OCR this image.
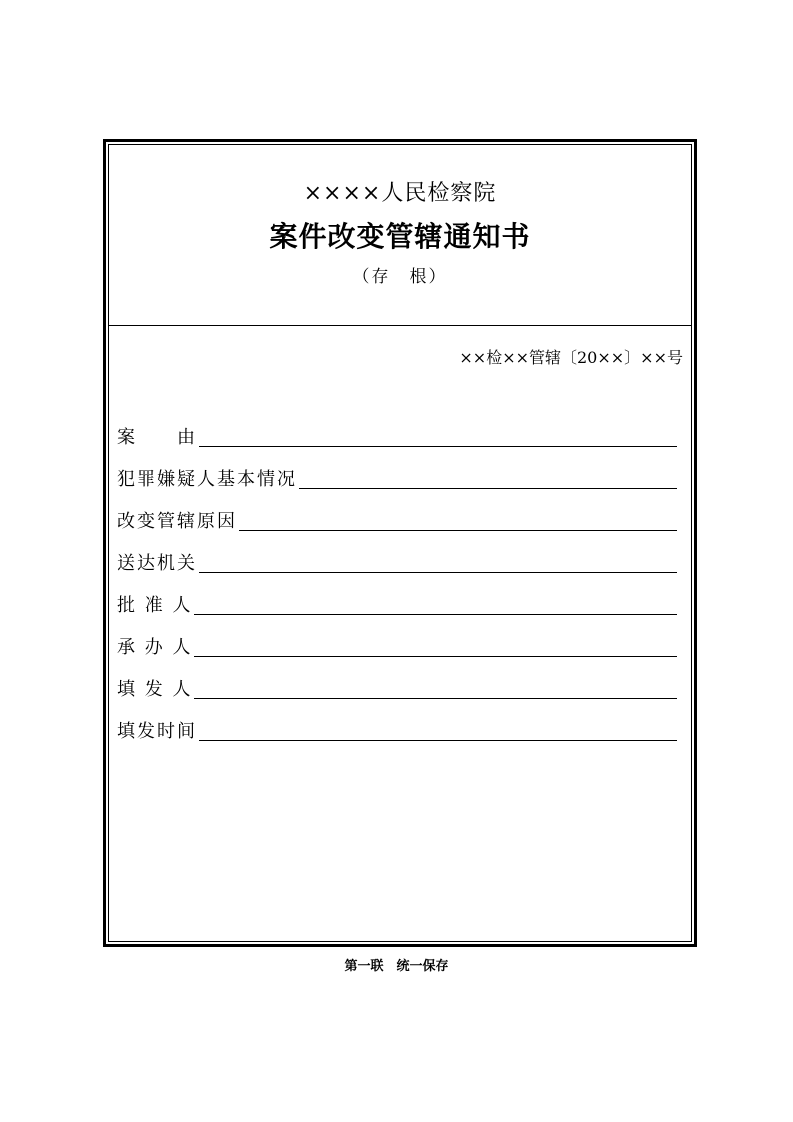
××××人民检察院
案件改变管辖通知书
（存　根）
××检××管辖〔20××〕××号
案　　由
犯罪嫌疑人基本情况
改变管辖原因
送达机关
批 准 人
承 办 人
填 发 人
填发时间
第一联　统一保存
